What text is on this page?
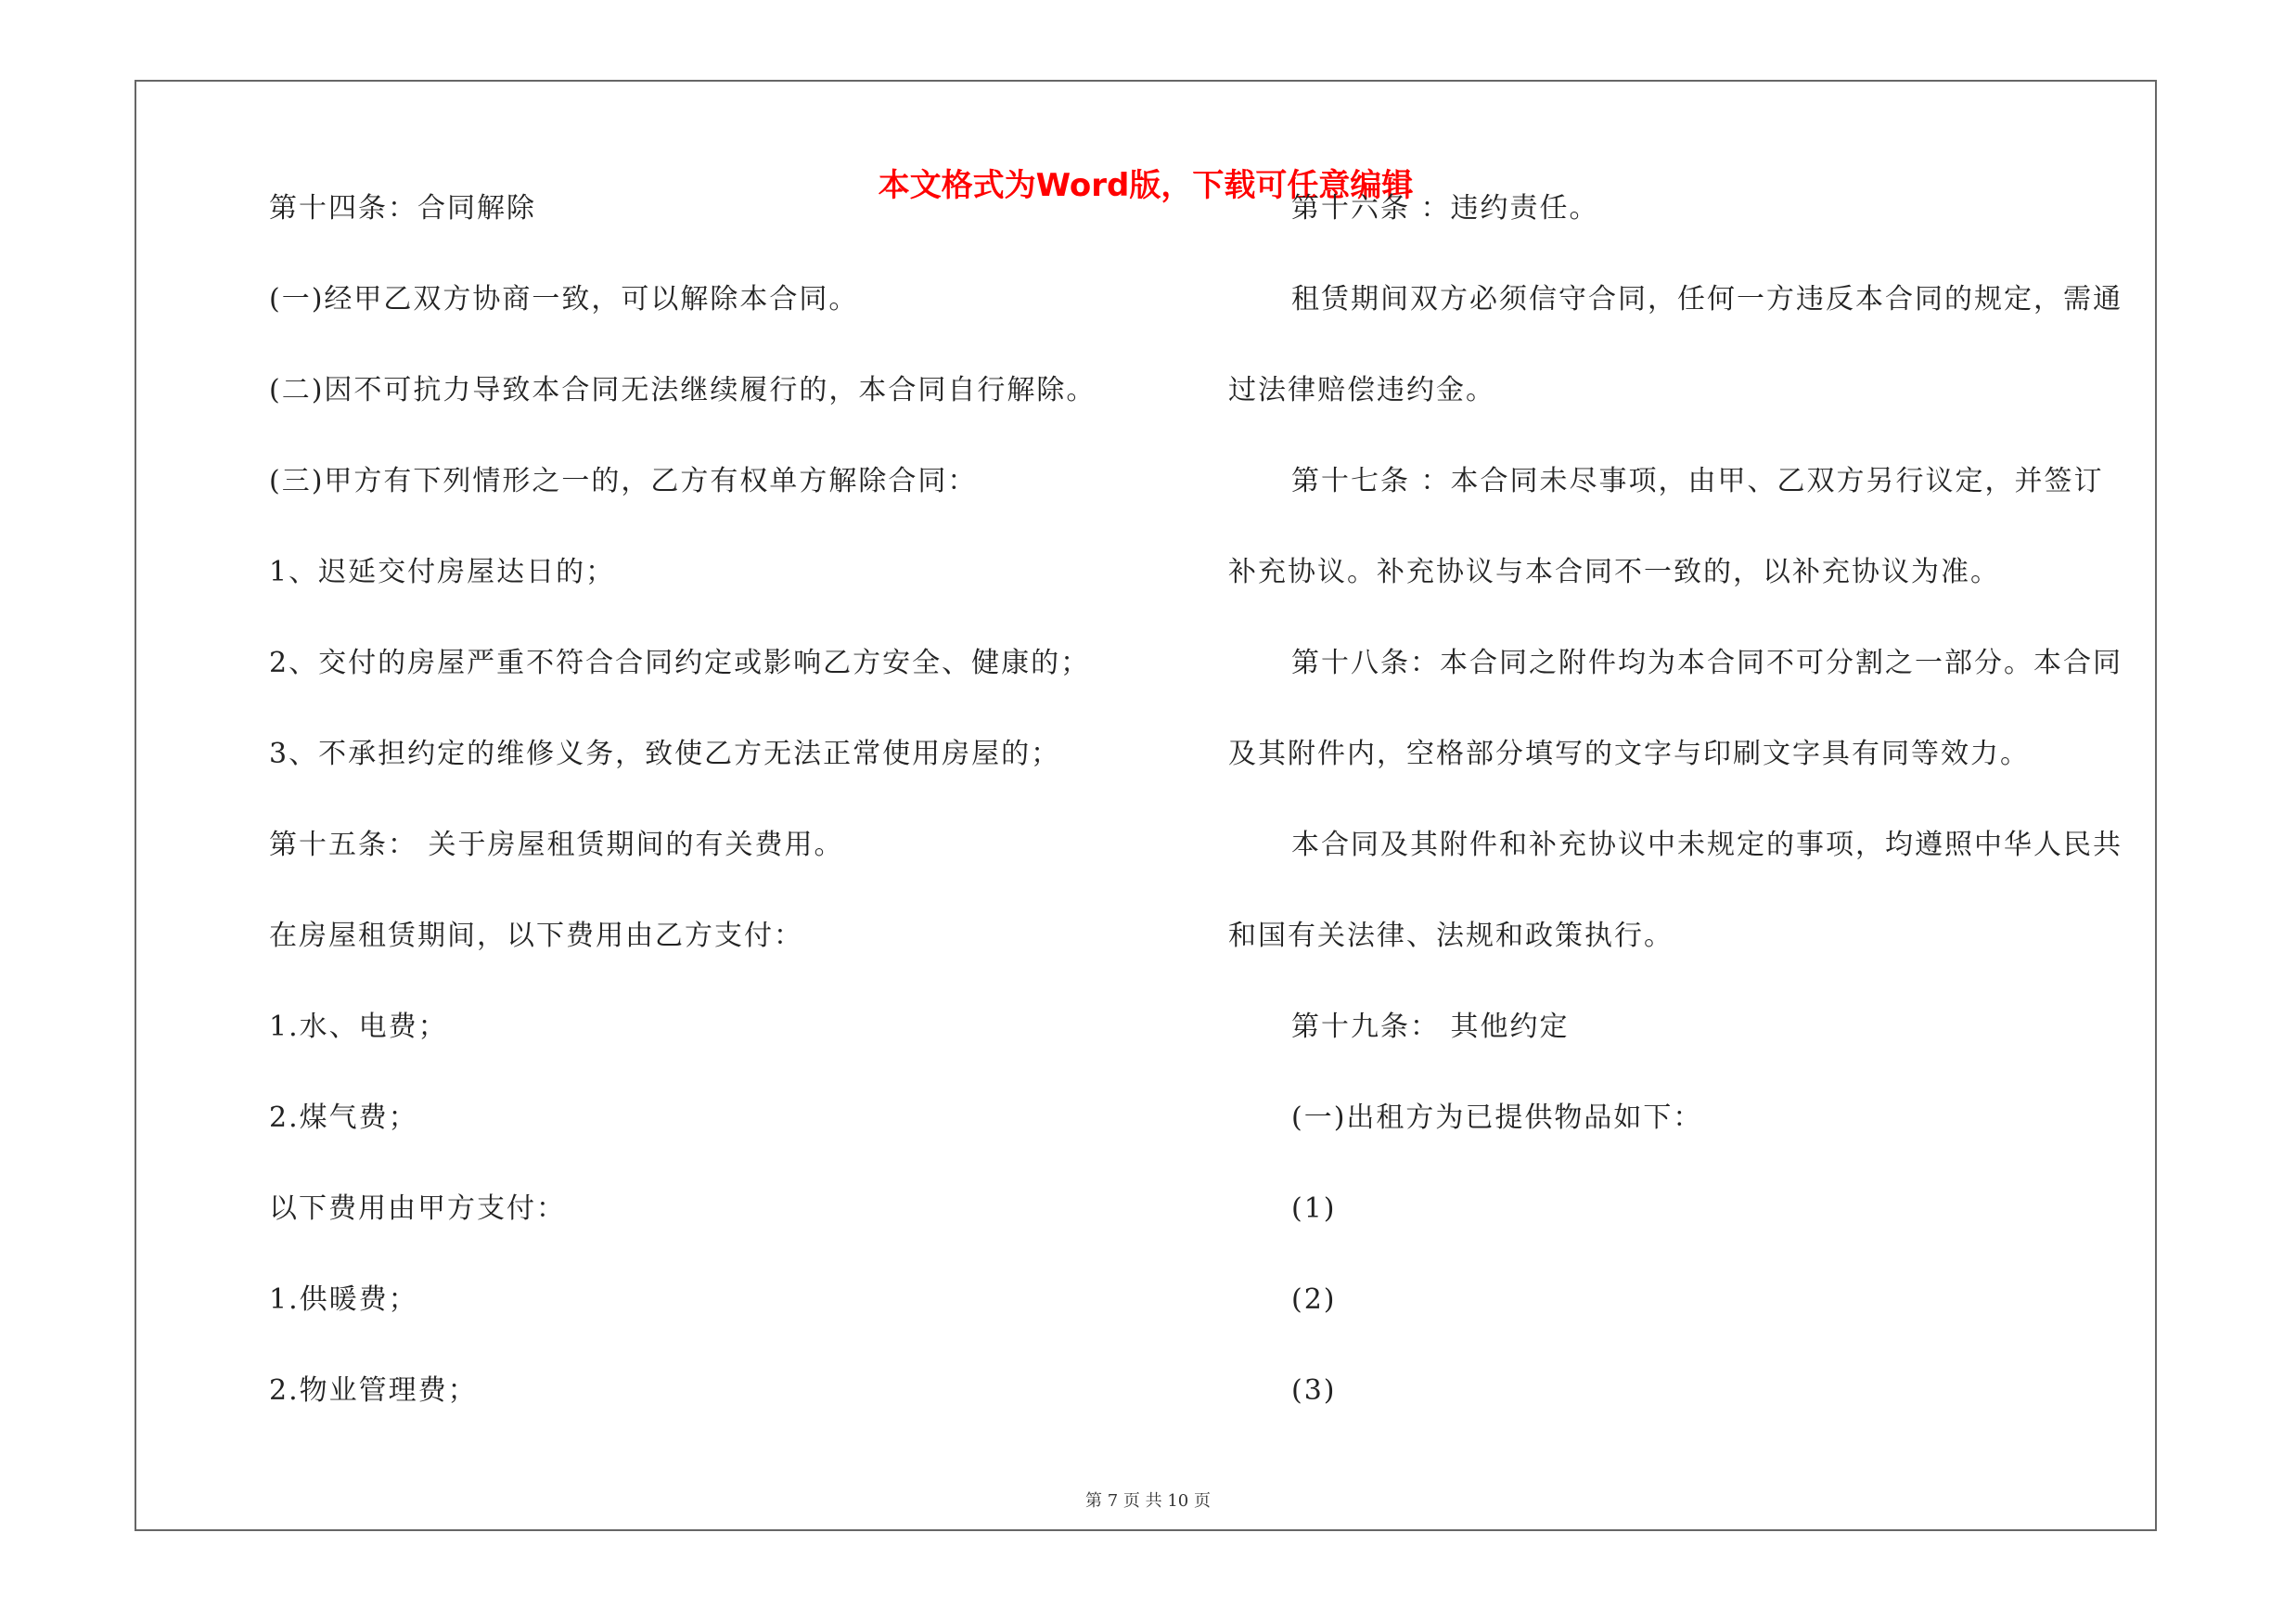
本文格式为Word版，下载可任意编辑
第十四条：合同解除
(一)经甲乙双方协商一致，可以解除本合同。
(二)因不可抗力导致本合同无法继续履行的，本合同自行解除。
(三)甲方有下列情形之一的，乙方有权单方解除合同：
1、迟延交付房屋达日的；
2、交付的房屋严重不符合合同约定或影响乙方安全、健康的；
3、不承担约定的维修义务，致使乙方无法正常使用房屋的；
第十五条： 关于房屋租赁期间的有关费用。
在房屋租赁期间，以下费用由乙方支付：
1.水、电费；
2.煤气费；
以下费用由甲方支付：
1.供暖费；
2.物业管理费；
第十六条 ：违约责任。
租赁期间双方必须信守合同，任何一方违反本合同的规定，需通
过法律赔偿违约金。
第十七条 ：本合同未尽事项，由甲、乙双方另行议定，并签订
补充协议。补充协议与本合同不一致的，以补充协议为准。
第十八条：本合同之附件均为本合同不可分割之一部分。本合同
及其附件内，空格部分填写的文字与印刷文字具有同等效力。
本合同及其附件和补充协议中未规定的事项，均遵照中华人民共
和国有关法律、法规和政策执行。
第十九条： 其他约定
(一)出租方为已提供物品如下：
(1)
(2)
(3)
第 7 页 共 10 页
